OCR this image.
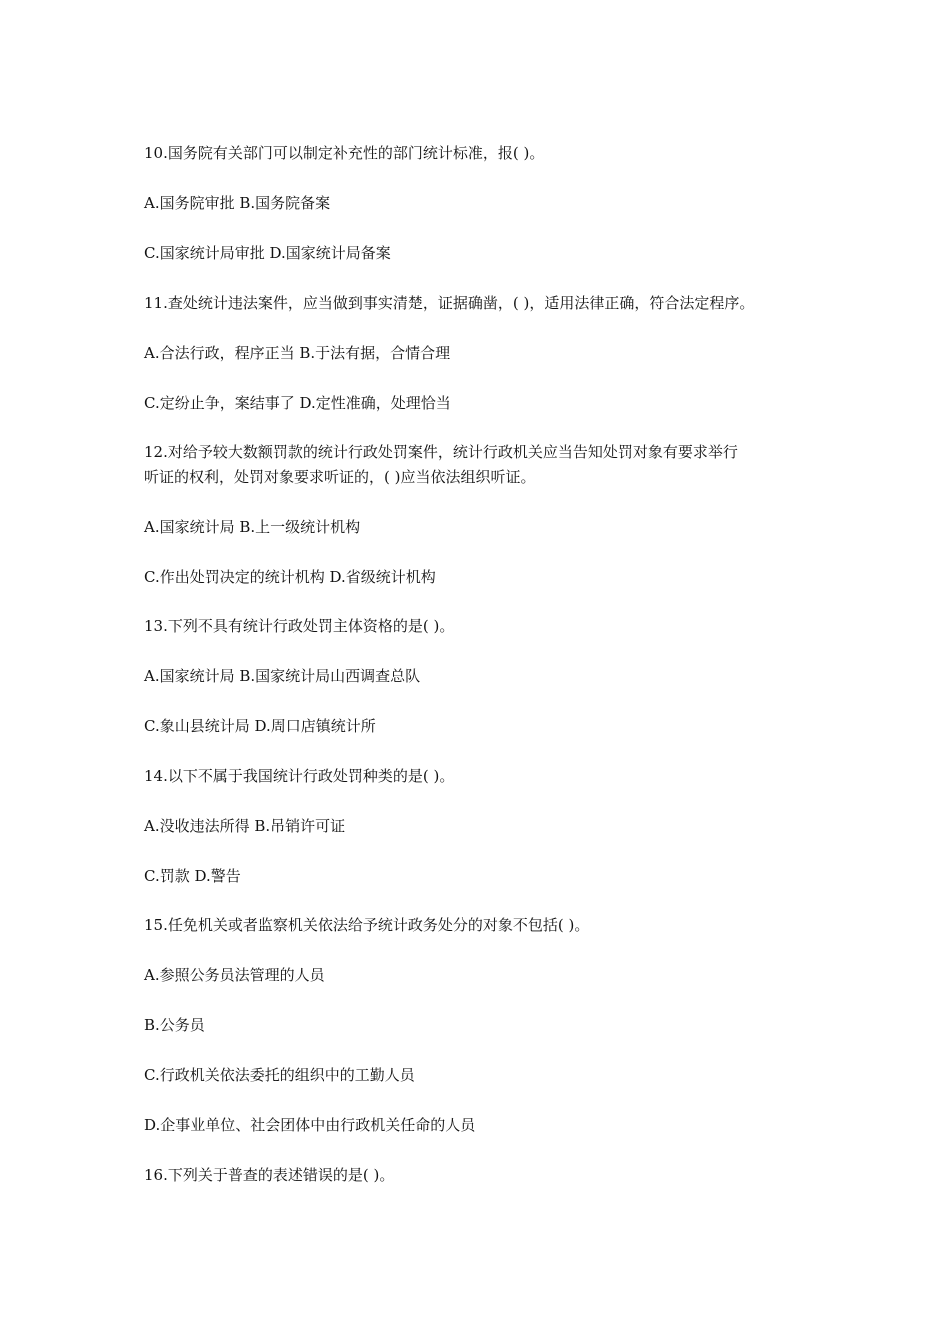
10.国务院有关部门可以制定补充性的部门统计标准，报( )。
A.国务院审批 B.国务院备案
C.国家统计局审批 D.国家统计局备案
11.查处统计违法案件，应当做到事实清楚，证据确凿，( )，适用法律正确，符合法定程序。
A.合法行政，程序正当 B.于法有据，合情合理
C.定纷止争，案结事了 D.定性准确，处理恰当
12.对给予较大数额罚款的统计行政处罚案件，统计行政机关应当告知处罚对象有要求举行
听证的权利，处罚对象要求听证的，( )应当依法组织听证。
A.国家统计局 B.上一级统计机构
C.作出处罚决定的统计机构 D.省级统计机构
13.下列不具有统计行政处罚主体资格的是( )。
A.国家统计局 B.国家统计局山西调查总队
C.象山县统计局 D.周口店镇统计所
14.以下不属于我国统计行政处罚种类的是( )。
A.没收违法所得 B.吊销许可证
C.罚款 D.警告
15.任免机关或者监察机关依法给予统计政务处分的对象不包括( )。
A.参照公务员法管理的人员
B.公务员
C.行政机关依法委托的组织中的工勤人员
D.企事业单位、社会团体中由行政机关任命的人员
16.下列关于普查的表述错误的是( )。
